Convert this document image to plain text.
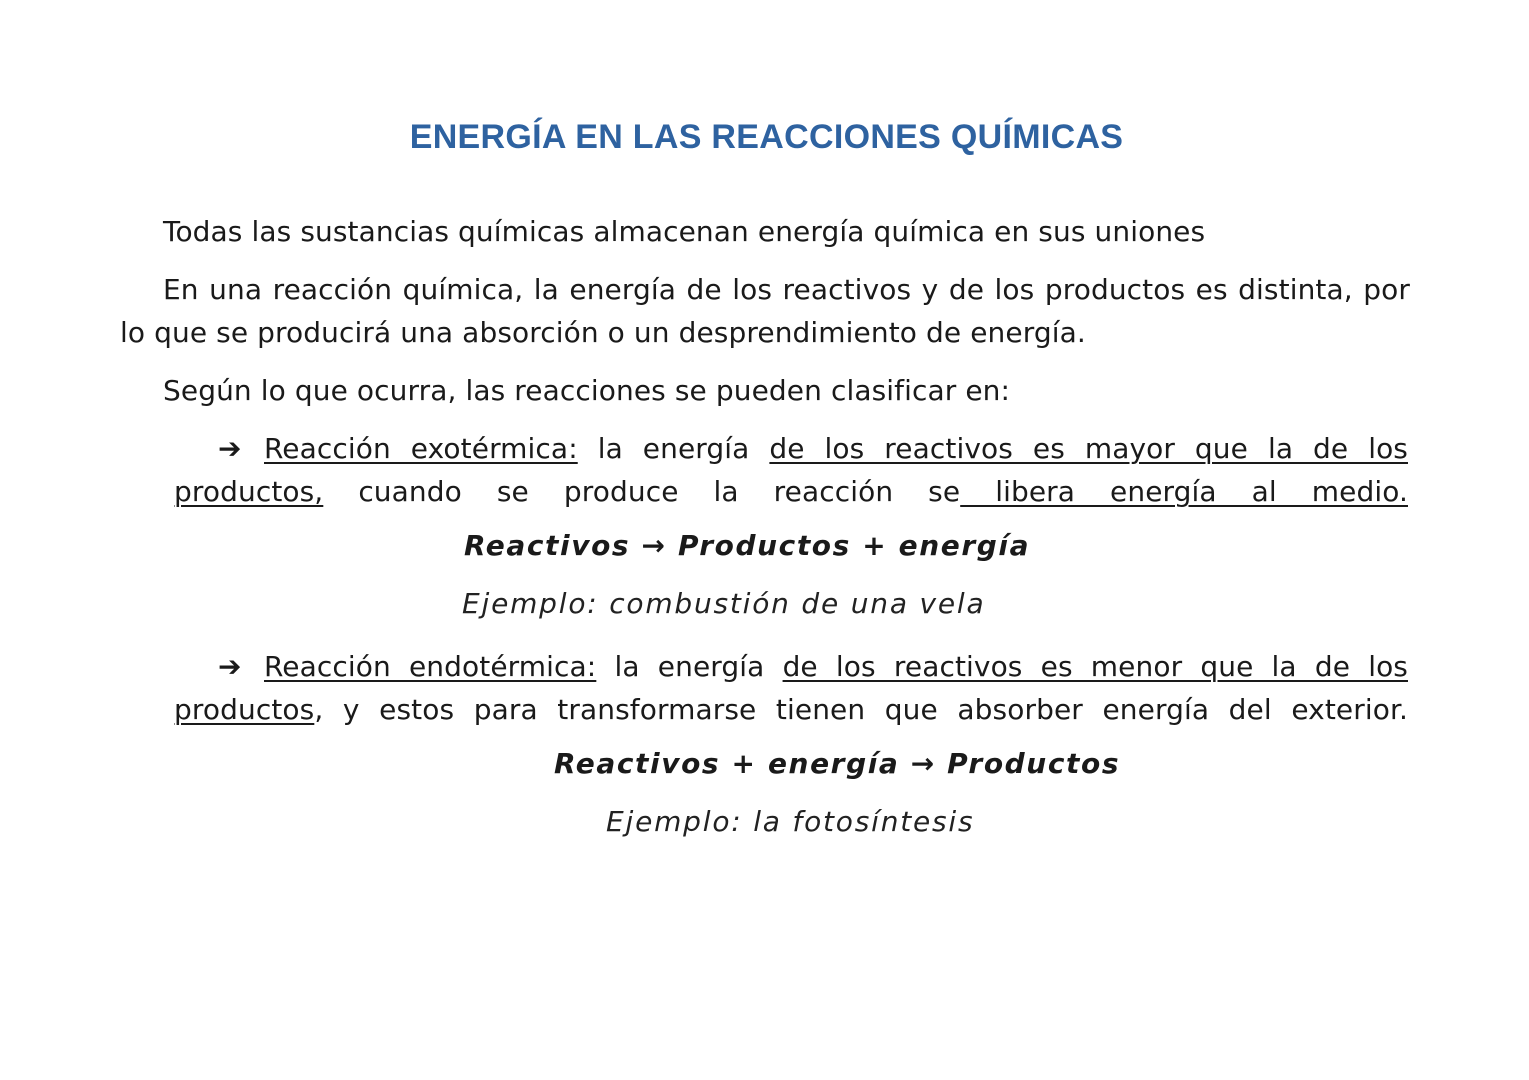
ENERGÍA EN LAS REACCIONES QUÍMICAS

Todas las sustancias químicas almacenan energía química en sus uniones

En una reacción química, la energía de los reactivos y de los productos es distinta, por lo que se producirá una absorción o un desprendimiento de energía.

Según lo que ocurra, las reacciones se pueden clasificar en:

➔ Reacción exotérmica: la energía de los reactivos es mayor que la de los productos, cuando se produce la reacción se libera energía al medio.

Reactivos → Productos + energía
Ejemplo: combustión de una vela

➔ Reacción endotérmica: la energía de los reactivos es menor que la de los productos, y estos para transformarse tienen que absorber energía del exterior.

Reactivos + energía → Productos
Ejemplo: la fotosíntesis
